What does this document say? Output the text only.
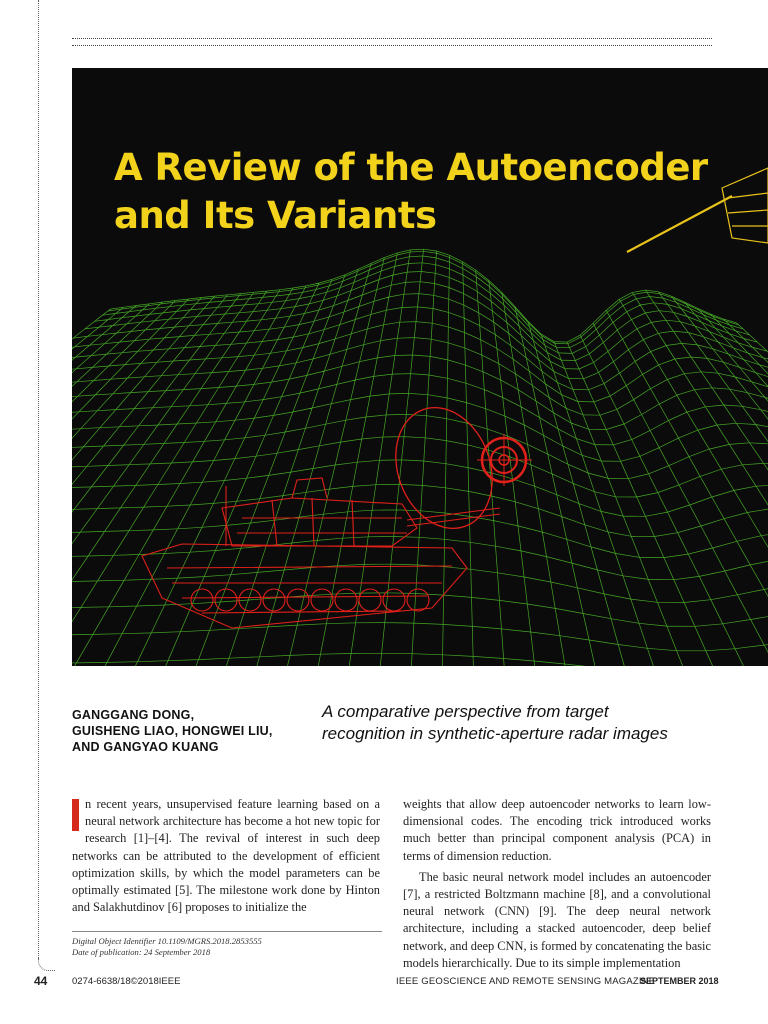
A Review of the Autoencoder
and Its Variants
GANGGANG DONG,
GUISHENG LIAO, HONGWEI LIU,
AND GANGYAO KUANG
A comparative perspective from target
recognition in synthetic-aperture radar images

n recent years, unsupervised feature learning based on a neural network architecture has become a hot new topic for research [1]–[4]. The revival of interest in such deep networks can be attributed to the development of efficient optimization skills, by which the model parameters can be optimally estimated [5]. The milestone work done by Hinton and Salakhutdinov [6] proposes to initialize the

weights that allow deep autoencoder networks to learn low-dimensional codes. The encoding trick introduced works much better than principal component analysis (PCA) in terms of dimension reduction.

The basic neural network model includes an autoencoder [7], a restricted Boltzmann machine [8], and a convolutional neural network (CNN) [9]. The deep neural network architecture, including a stacked autoencoder, deep belief network, and deep CNN, is formed by concatenating the basic models hierarchically. Due to its simple implementation

Digital Object Identifier 10.1109/MGRS.2018.2853555
Date of publication: 24 September 2018
44	0274-6638/18©2018IEEE	IEEE GEOSCIENCE AND REMOTE SENSING MAGAZINE
SEPTEMBER 2018
